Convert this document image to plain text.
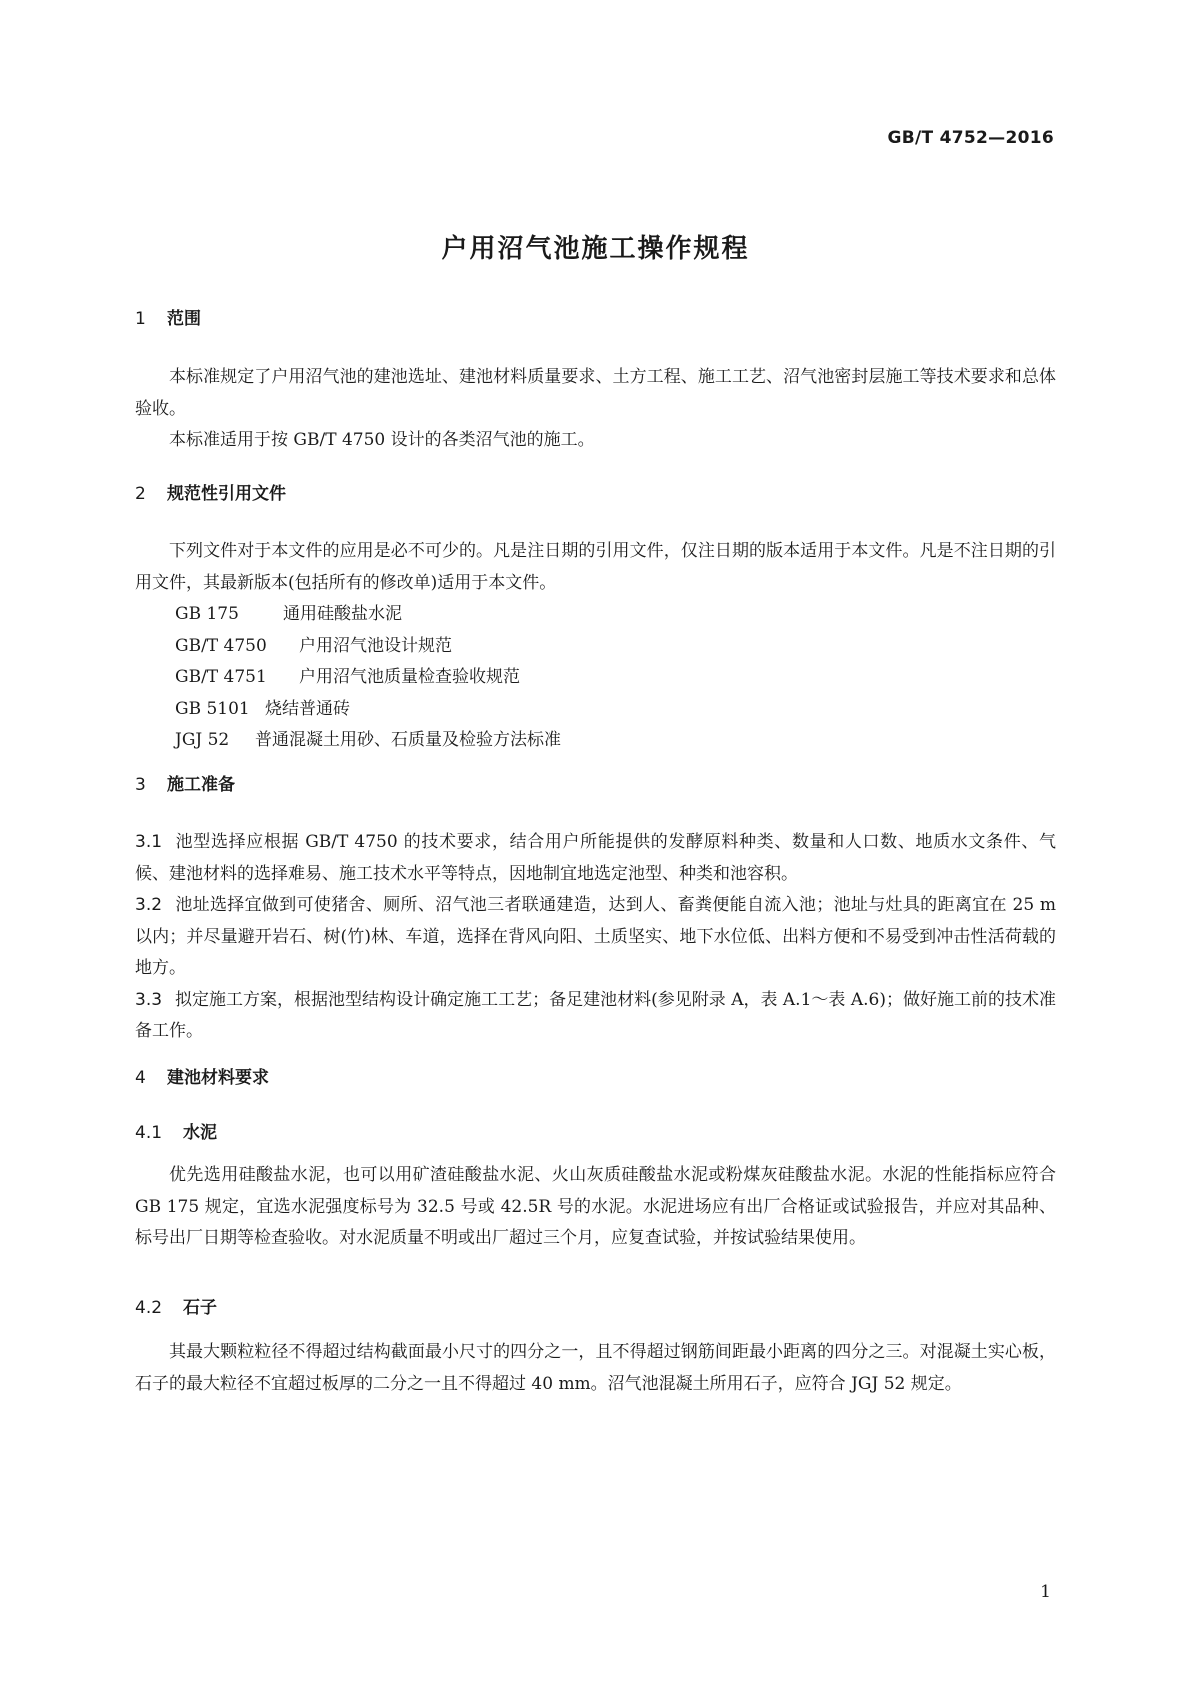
GB/T 4752—2016
户用沼气池施工操作规程
1 范围

本标准规定了户用沼气池的建池选址、建池材料质量要求、土方工程、施工工艺、沼气池密封层施工等技术要求和总体验收。

本标准适用于按 GB/T 4750 设计的各类沼气池的施工。

2 规范性引用文件

下列文件对于本文件的应用是必不可少的。凡是注日期的引用文件，仅注日期的版本适用于本文件。凡是不注日期的引用文件，其最新版本(包括所有的修改单)适用于本文件。

GB 175	通用硅酸盐水泥
GB/T 4750 户用沼气池设计规范
GB/T 4751 户用沼气池质量检查验收规范
GB 5101 烧结普通砖
JGJ 52 普通混凝土用砂、石质量及检验方法标准
3 施工准备

3.1 池型选择应根据 GB/T 4750 的技术要求，结合用户所能提供的发酵原料种类、数量和人口数、地质水文条件、气候、建池材料的选择难易、施工技术水平等特点，因地制宜地选定池型、种类和池容积。

3.2 池址选择宜做到可使猪舍、厕所、沼气池三者联通建造，达到人、畜粪便能自流入池；池址与灶具的距离宜在 25 m 以内；并尽量避开岩石、树(竹)林、车道，选择在背风向阳、土质坚实、地下水位低、出料方便和不易受到冲击性活荷载的地方。

3.3 拟定施工方案，根据池型结构设计确定施工工艺；备足建池材料(参见附录 A，表 A.1～表 A.6)；做好施工前的技术准备工作。

4 建池材料要求
4.1 水泥

优先选用硅酸盐水泥，也可以用矿渣硅酸盐水泥、火山灰质硅酸盐水泥或粉煤灰硅酸盐水泥。水泥的性能指标应符合 GB 175 规定，宜选水泥强度标号为 32.5 号或 42.5R 号的水泥。水泥进场应有出厂合格证或试验报告，并应对其品种、标号出厂日期等检查验收。对水泥质量不明或出厂超过三个月，应复查试验，并按试验结果使用。

4.2 石子

其最大颗粒粒径不得超过结构截面最小尺寸的四分之一，且不得超过钢筋间距最小距离的四分之三。对混凝土实心板，石子的最大粒径不宜超过板厚的二分之一且不得超过 40 mm。沼气池混凝土所用石子，应符合 JGJ 52 规定。

1
